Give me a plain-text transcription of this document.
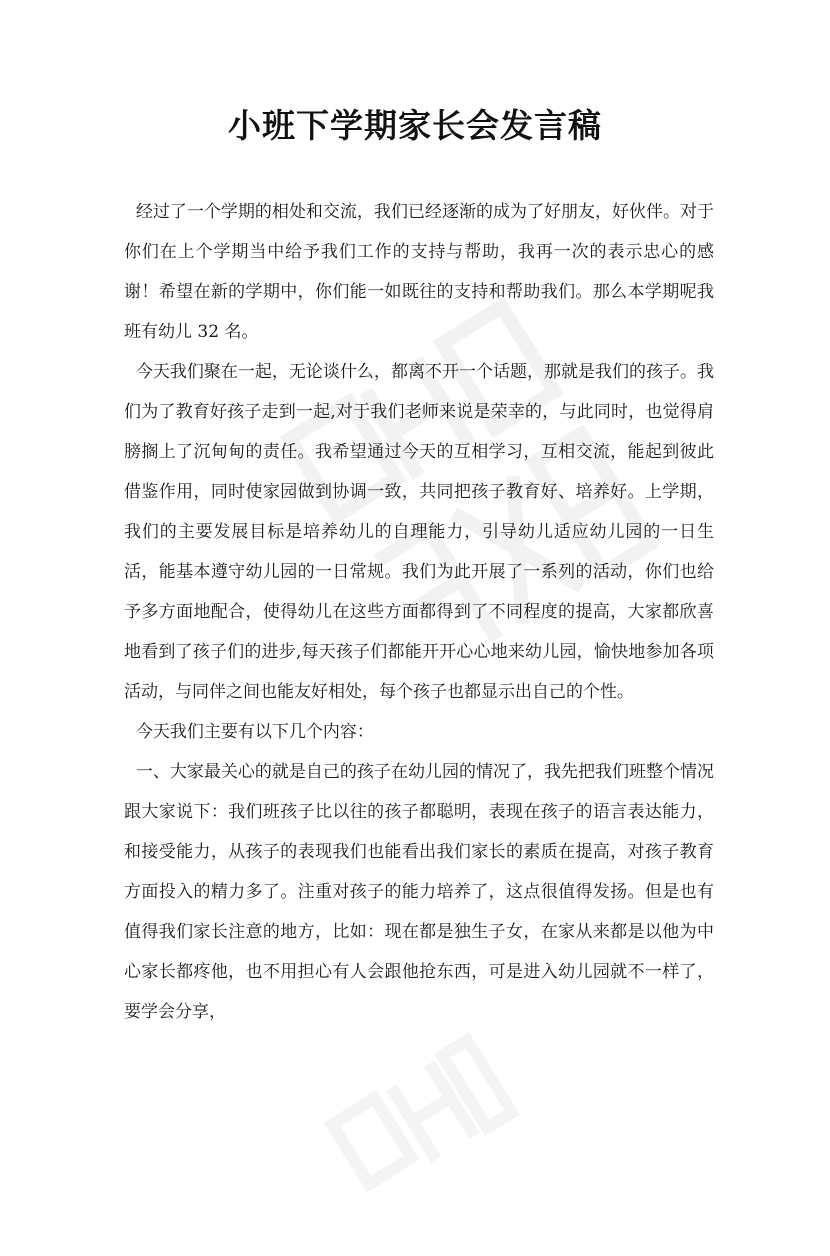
小班下学期家长会发言稿

经过了一个学期的相处和交流，我们已经逐渐的成为了好朋友，好伙伴。对于你们在上个学期当中给予我们工作的支持与帮助，我再一次的表示忠心的感谢！希望在新的学期中，你们能一如既往的支持和帮助我们。那么本学期呢我班有幼儿 32 名。

今天我们聚在一起，无论谈什么，都离不开一个话题，那就是我们的孩子。我们为了教育好孩子走到一起,对于我们老师来说是荣幸的，与此同时，也觉得肩膀搁上了沉甸甸的责任。我希望通过今天的互相学习，互相交流，能起到彼此借鉴作用，同时使家园做到协调一致，共同把孩子教育好、培养好。上学期，我们的主要发展目标是培养幼儿的自理能力，引导幼儿适应幼儿园的一日生活，能基本遵守幼儿园的一日常规。我们为此开展了一系列的活动，你们也给予多方面地配合，使得幼儿在这些方面都得到了不同程度的提高，大家都欣喜地看到了孩子们的进步,每天孩子们都能开开心心地来幼儿园，愉快地参加各项活动，与同伴之间也能友好相处，每个孩子也都显示出自己的个性。

今天我们主要有以下几个内容：

一、大家最关心的就是自己的孩子在幼儿园的情况了，我先把我们班整个情况跟大家说下：我们班孩子比以往的孩子都聪明，表现在孩子的语言表达能力，和接受能力，从孩子的表现我们也能看出我们家长的素质在提高，对孩子教育方面投入的精力多了。注重对孩子的能力培养了，这点很值得发扬。但是也有值得我们家长注意的地方，比如：现在都是独生子女，在家从来都是以他为中心家长都疼他，也不用担心有人会跟他抢东西，可是进入幼儿园就不一样了，要学会分享，
